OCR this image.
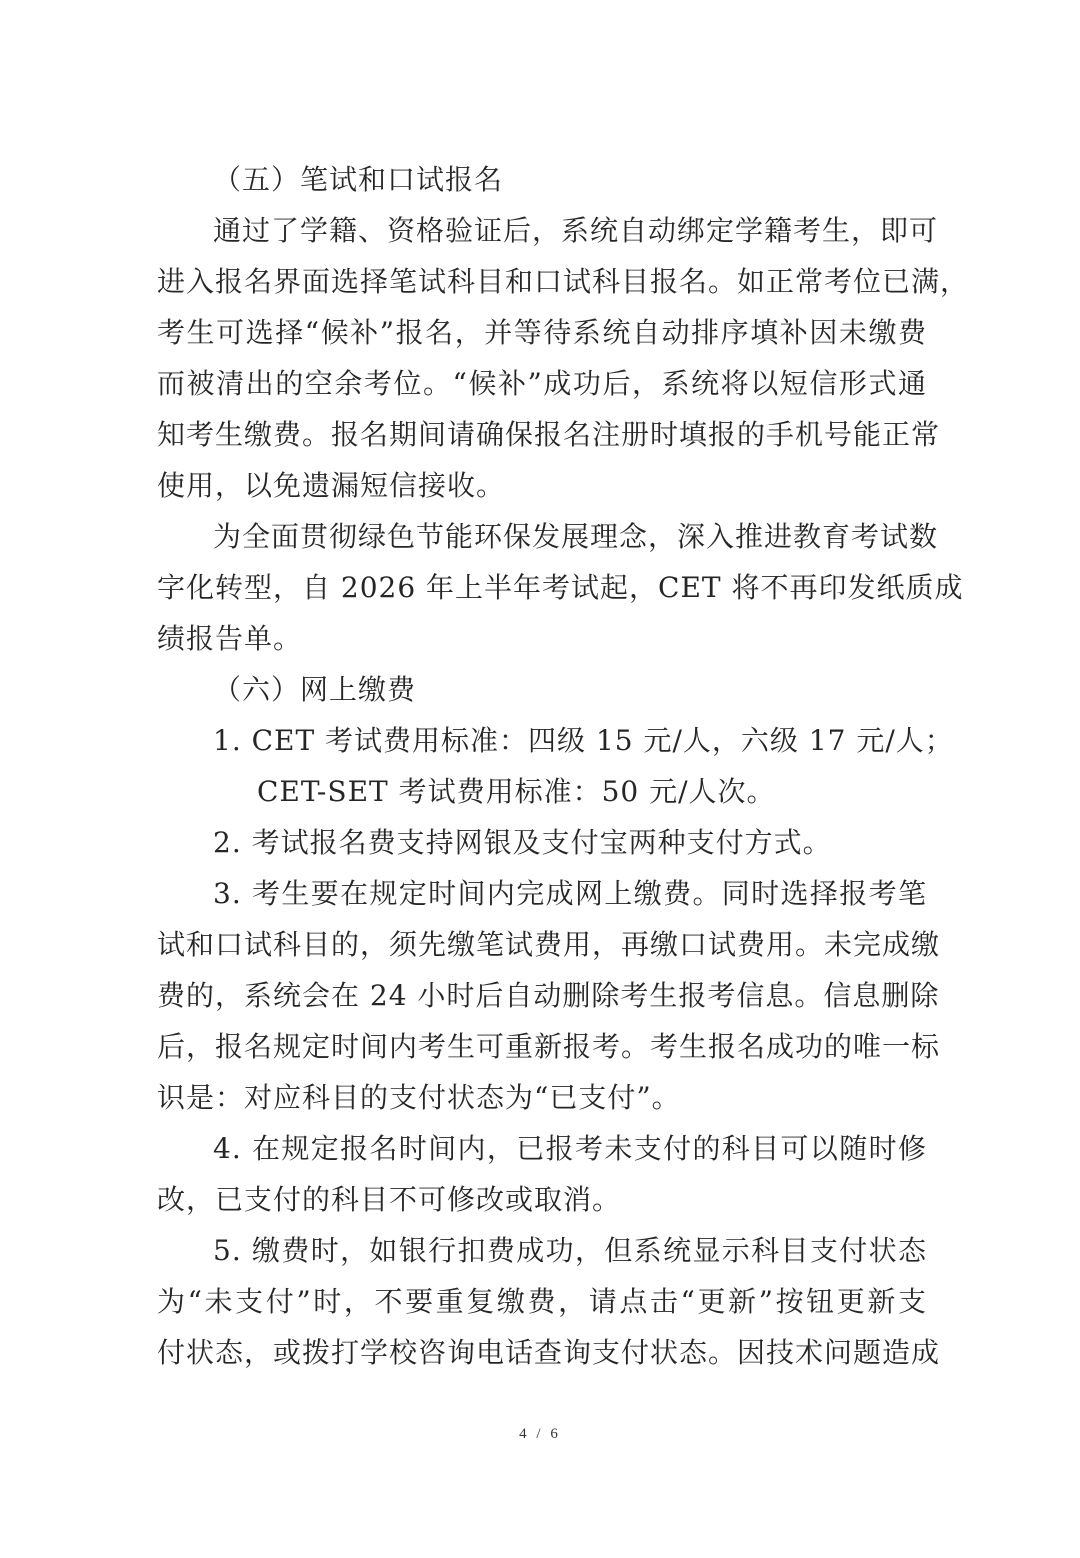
（五）笔试和口试报名
通过了学籍、资格验证后，系统自动绑定学籍考生，即可
进入报名界面选择笔试科目和口试科目报名。如正常考位已满，
考生可选择“候补”报名，并等待系统自动排序填补因未缴费
而被清出的空余考位。“候补”成功后，系统将以短信形式通
知考生缴费。报名期间请确保报名注册时填报的手机号能正常
使用，以免遗漏短信接收。
为全面贯彻绿色节能环保发展理念，深入推进教育考试数
字化转型，自 2026 年上半年考试起，CET 将不再印发纸质成
绩报告单。
（六）网上缴费
1. CET 考试费用标准：四级 15 元/人，六级 17 元/人；
CET-SET 考试费用标准：50 元/人次。
2. 考试报名费支持网银及支付宝两种支付方式。
3. 考生要在规定时间内完成网上缴费。同时选择报考笔
试和口试科目的，须先缴笔试费用，再缴口试费用。未完成缴
费的，系统会在 24 小时后自动删除考生报考信息。信息删除
后，报名规定时间内考生可重新报考。考生报名成功的唯一标
识是：对应科目的支付状态为“已支付”。
4. 在规定报名时间内，已报考未支付的科目可以随时修
改，已支付的科目不可修改或取消。
5. 缴费时，如银行扣费成功，但系统显示科目支付状态
为“未支付”时，不要重复缴费，请点击“更新”按钮更新支
付状态，或拨打学校咨询电话查询支付状态。因技术问题造成
4 / 6
